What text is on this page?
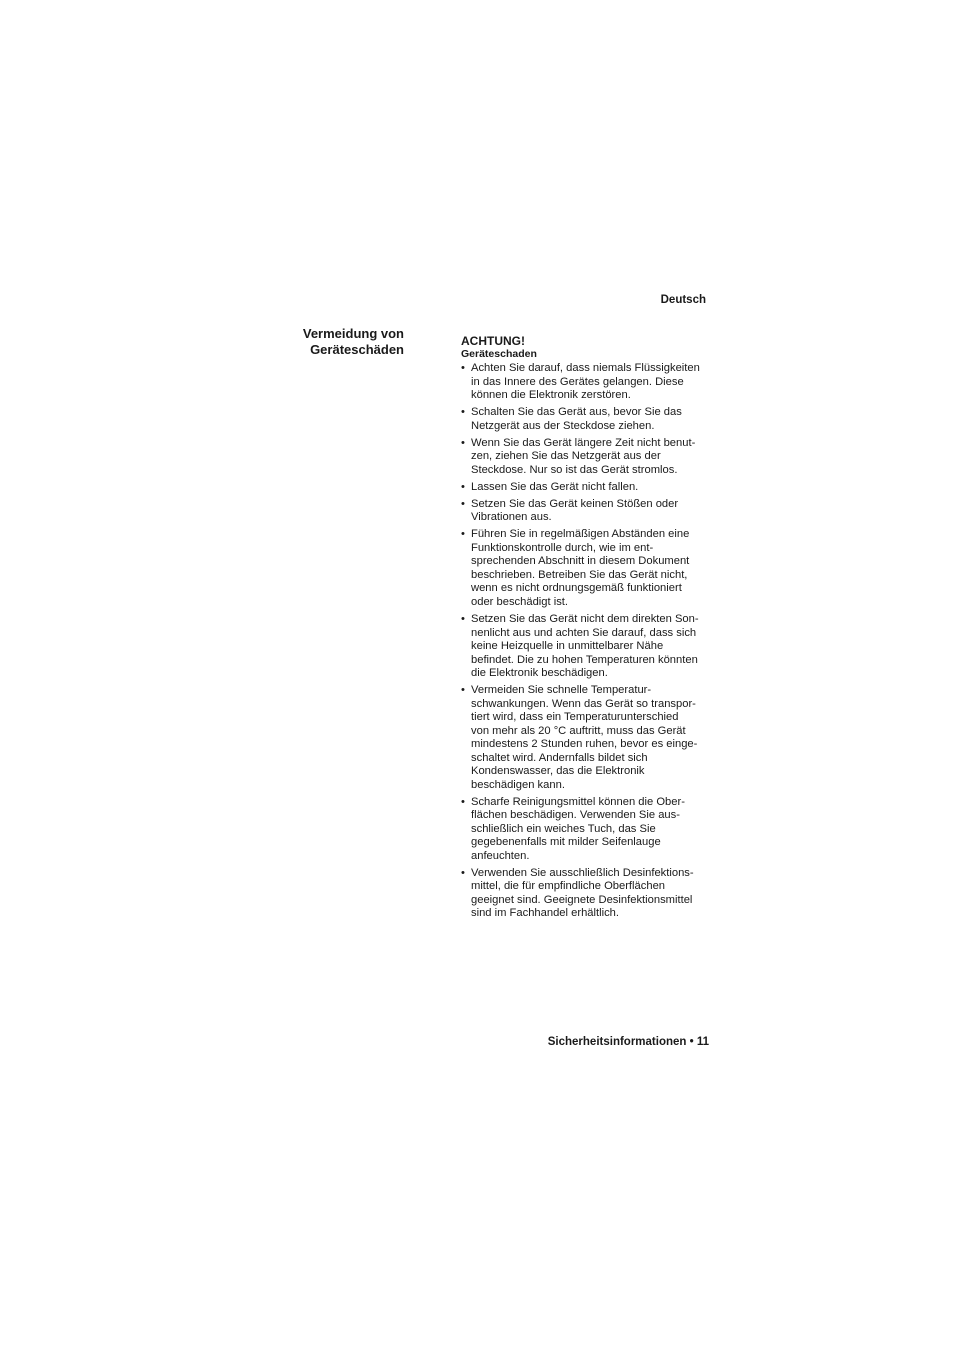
Deutsch
Vermeidung von
Geräteschäden
ACHTUNG!
Geräteschaden
• Achten Sie darauf, dass niemals Flüssigkeiten
in das Innere des Gerätes gelangen. Diese
können die Elektronik zerstören.
• Schalten Sie das Gerät aus, bevor Sie das
Netzgerät aus der Steckdose ziehen.
• Wenn Sie das Gerät längere Zeit nicht benut-
zen, ziehen Sie das Netzgerät aus der
Steckdose. Nur so ist das Gerät stromlos.
• Lassen Sie das Gerät nicht fallen.
• Setzen Sie das Gerät keinen Stößen oder
Vibrationen aus.
• Führen Sie in regelmäßigen Abständen eine
Funktionskontrolle durch, wie im ent-
sprechenden Abschnitt in diesem Dokument
beschrieben. Betreiben Sie das Gerät nicht,
wenn es nicht ordnungsgemäß funktioniert
oder beschädigt ist.
• Setzen Sie das Gerät nicht dem direkten Son-
nenlicht aus und achten Sie darauf, dass sich
keine Heizquelle in unmittelbarer Nähe
befindet. Die zu hohen Temperaturen könnten
die Elektronik beschädigen.
• Vermeiden Sie schnelle Temperatur-
schwankungen. Wenn das Gerät so transpor-
tiert wird, dass ein Temperaturunterschied
von mehr als 20 °C auftritt, muss das Gerät
mindestens 2 Stunden ruhen, bevor es einge-
schaltet wird. Andernfalls bildet sich
Kondenswasser, das die Elektronik
beschädigen kann.
• Scharfe Reinigungsmittel können die Ober-
flächen beschädigen. Verwenden Sie aus-
schließlich ein weiches Tuch, das Sie
gegebenenfalls mit milder Seifenlauge
anfeuchten.
• Verwenden Sie ausschließlich Desinfektions-
mittel, die für empfindliche Oberflächen
geeignet sind. Geeignete Desinfektionsmittel
sind im Fachhandel erhältlich.
Sicherheitsinformationen • 11
